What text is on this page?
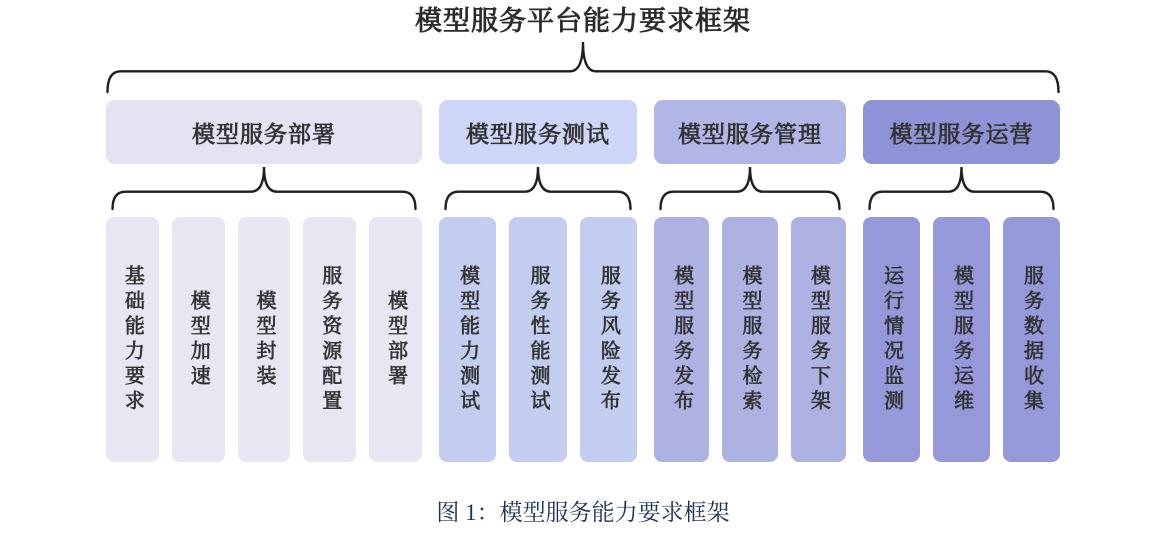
模型服务平台能力要求框架
模型服务部署
基础能力要求 模型加速 模型封装 服务资源配置 模型部署
模型服务测试
模型能力测试 服务性能测试 服务风险发布
模型服务管理
模型服务发布 模型服务检索 模型服务下架
模型服务运营
运行情况监测 模型服务运维 服务数据收集
图 1：模型服务能力要求框架
